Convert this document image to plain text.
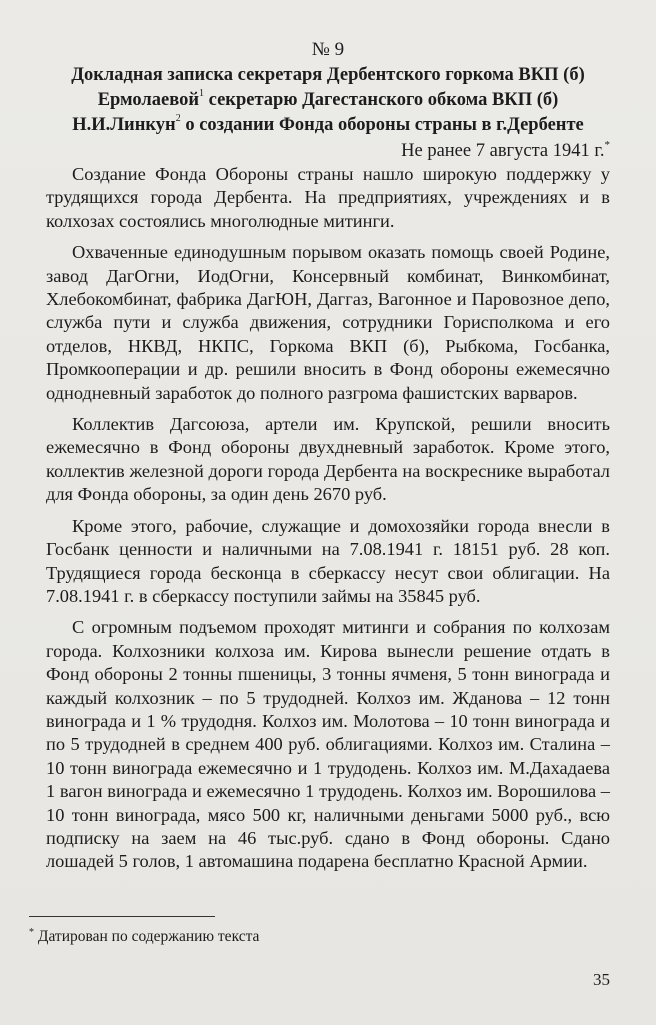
№ 9

Докладная записка секретаря Дербентского горкома ВКП (б)

Ермолаевой$^1$ секретарю Дагестанского обкома ВКП (б)

Н.И.Линкун$^2$ о создании Фонда обороны страны в г.Дербенте

Не ранее 7 августа 1941 г.*

Создание Фонда Обороны страны нашло широкую поддержку у трудящихся города Дербента. На предприятиях, учреждениях и в колхозах состоялись многолюдные митинги.

Охваченные единодушным порывом оказать помощь своей Родине, завод ДагОгни, ИодОгни, Консервный комбинат, Винкомбинат, Хлебокомбинат, фабрика ДагЮН, Даггаз, Вагонное и Паровозное депо, служба пути и служба движения, сотрудники Горисполкома и его отделов, НКВД, НКПС, Горкома ВКП (б), Рыбкома, Госбанка, Промкооперации и др. решили вносить в Фонд обороны ежемесячно однодневный заработок до полного разгрома фашистских варваров.

Коллектив Дагсоюза, артели им. Крупской, решили вносить ежемесячно в Фонд обороны двухдневный заработок. Кроме этого, коллектив железной дороги города Дербента на воскреснике выработал для Фонда обороны, за один день 2670 руб.

Кроме этого, рабочие, служащие и домохозяйки города внесли в Госбанк ценности и наличными на 7.08.1941 г. 18151 руб. 28 коп. Трудящиеся города бесконца в сберкассу несут свои облигации. На 7.08.1941 г. в сберкассу поступили займы на 35845 руб.

С огромным подъемом проходят митинги и собрания по колхозам города. Колхозники колхоза им. Кирова вынесли решение отдать в Фонд обороны 2 тонны пшеницы, 3 тонны ячменя, 5 тонн винограда и каждый колхозник – по 5 трудодней. Колхоз им. Жданова – 12 тонн винограда и 1 % трудодня. Колхоз им. Молотова – 10 тонн винограда и по 5 трудодней в среднем 400 руб. облигациями. Колхоз им. Сталина – 10 тонн винограда ежемесячно и 1 трудодень. Колхоз им. М.Дахадаева 1 вагон винограда и ежемесячно 1 трудодень. Колхоз им. Ворошилова – 10 тонн винограда, мясо 500 кг, наличными деньгами 5000 руб., всю подписку на заем на 46 тыс.руб. сдано в Фонд обороны. Сдано лошадей 5 голов, 1 автомашина подарена бесплатно Красной Армии.

* Датирован по содержанию текста
35
